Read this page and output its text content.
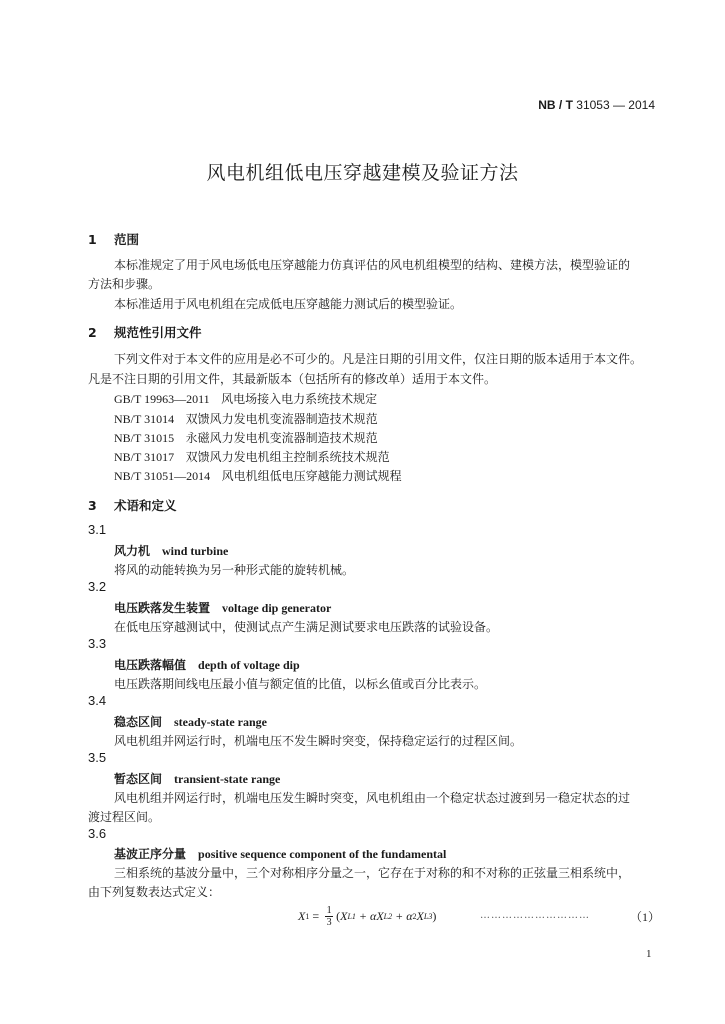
NB / T 31053 — 2014
风电机组低电压穿越建模及验证方法
1 范围
本标准规定了用于风电场低电压穿越能力仿真评估的风电机组模型的结构、建模方法，模型验证的
方法和步骤。
本标准适用于风电机组在完成低电压穿越能力测试后的模型验证。
2 规范性引用文件
下列文件对于本文件的应用是必不可少的。凡是注日期的引用文件，仅注日期的版本适用于本文件。
凡是不注日期的引用文件，其最新版本（包括所有的修改单）适用于本文件。
GB/T 19963—2011 风电场接入电力系统技术规定
NB/T 31014 双馈风力发电机变流器制造技术规范
NB/T 31015 永磁风力发电机变流器制造技术规范
NB/T 31017 双馈风力发电机组主控制系统技术规范
NB/T 31051—2014 风电机组低电压穿越能力测试规程
3 术语和定义
3.1
风力机 wind turbine
将风的动能转换为另一种形式能的旋转机械。
3.2
电压跌落发生装置 voltage dip generator
在低电压穿越测试中，使测试点产生满足测试要求电压跌落的试验设备。
3.3
电压跌落幅值 depth of voltage dip
电压跌落期间线电压最小值与额定值的比值，以标幺值或百分比表示。
3.4
稳态区间 steady-state range
风电机组并网运行时，机端电压不发生瞬时突变，保持稳定运行的过程区间。
3.5
暂态区间 transient-state range
风电机组并网运行时，机端电压发生瞬时突变，风电机组由一个稳定状态过渡到另一稳定状态的过
渡过程区间。
3.6
基波正序分量 positive sequence component of the fundamental
三相系统的基波分量中，三个对称相序分量之一，它存在于对称的和不对称的正弦量三相系统中，
由下列复数表达式定义：
X $1 = \frac{1}{3}$ ( X L1 + α X L2 + α 2 X L3 )	…………………………	（1）
1
